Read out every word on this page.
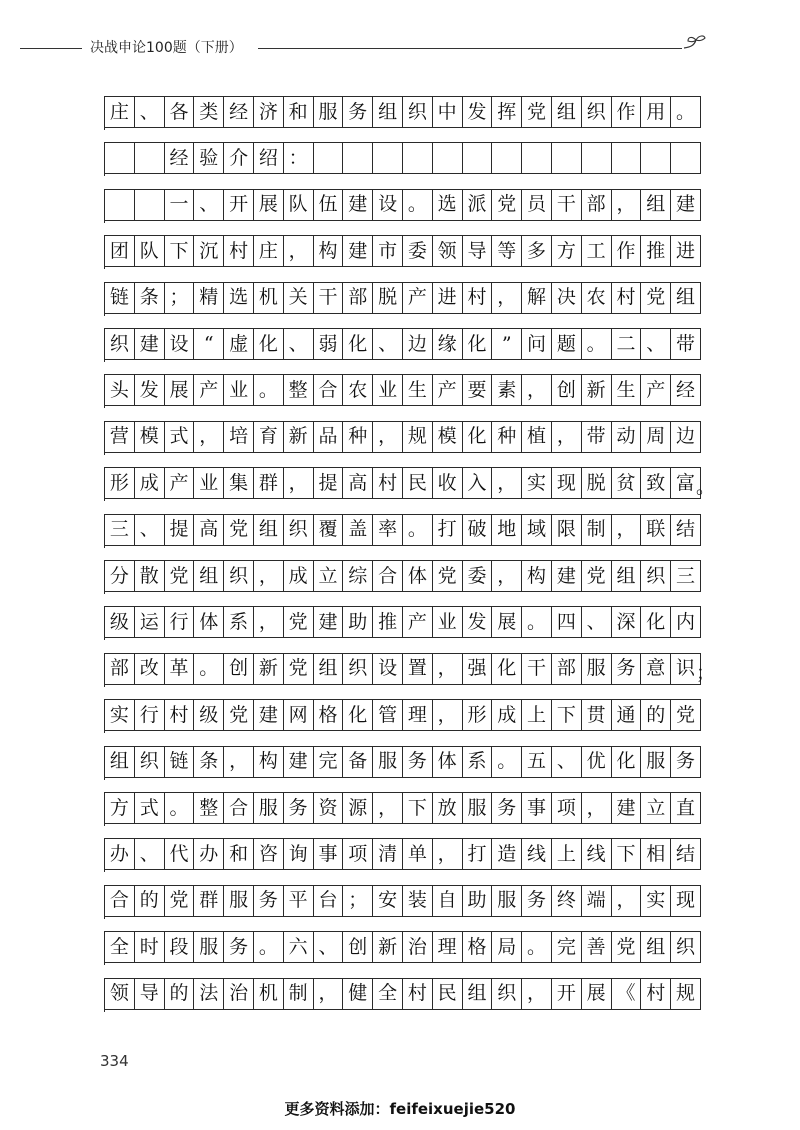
决战申论100题（下册）
庄 、 各 类 经 济 和 服 务 组 织 中 发 挥 党 组 织 作 用 。
经 验 介 绍 ：
一 、 开 展 队 伍 建 设 。 选 派 党 员 干 部 ， 组 建
团 队 下 沉 村 庄 ， 构 建 市 委 领 导 等 多 方 工 作 推 进
链 条 ； 精 选 机 关 干 部 脱 产 进 村 ， 解 决 农 村 党 组
织 建 设 “ 虚 化 、 弱 化 、 边 缘 化 ” 问 题 。 二 、 带
头 发 展 产 业 。 整 合 农 业 生 产 要 素 ， 创 新 生 产 经
营 模 式 ， 培 育 新 品 种 ， 规 模 化 种 植 ， 带 动 周 边
形 成 产 业 集 群 ， 提 高 村 民 收 入 ， 实 现 脱 贫 致 富 。
三 、 提 高 党 组 织 覆 盖 率 。 打 破 地 域 限 制 ， 联 结
分 散 党 组 织 ， 成 立 综 合 体 党 委 ， 构 建 党 组 织 三
级 运 行 体 系 ， 党 建 助 推 产 业 发 展 。 四 、 深 化 内
部 改 革 。 创 新 党 组 织 设 置 ， 强 化 干 部 服 务 意 识 ；
实 行 村 级 党 建 网 格 化 管 理 ， 形 成 上 下 贯 通 的 党
组 织 链 条 ， 构 建 完 备 服 务 体 系 。 五 、 优 化 服 务
方 式 。 整 合 服 务 资 源 ， 下 放 服 务 事 项 ， 建 立 直
办 、 代 办 和 咨 询 事 项 清 单 ， 打 造 线 上 线 下 相 结
合 的 党 群 服 务 平 台 ； 安 装 自 助 服 务 终 端 ， 实 现
全 时 段 服 务 。 六 、 创 新 治 理 格 局 。 完 善 党 组 织
领 导 的 法 治 机 制 ， 健 全 村 民 组 织 ， 开 展 《 村 规
334
更多资料添加：feifeixuejie520
